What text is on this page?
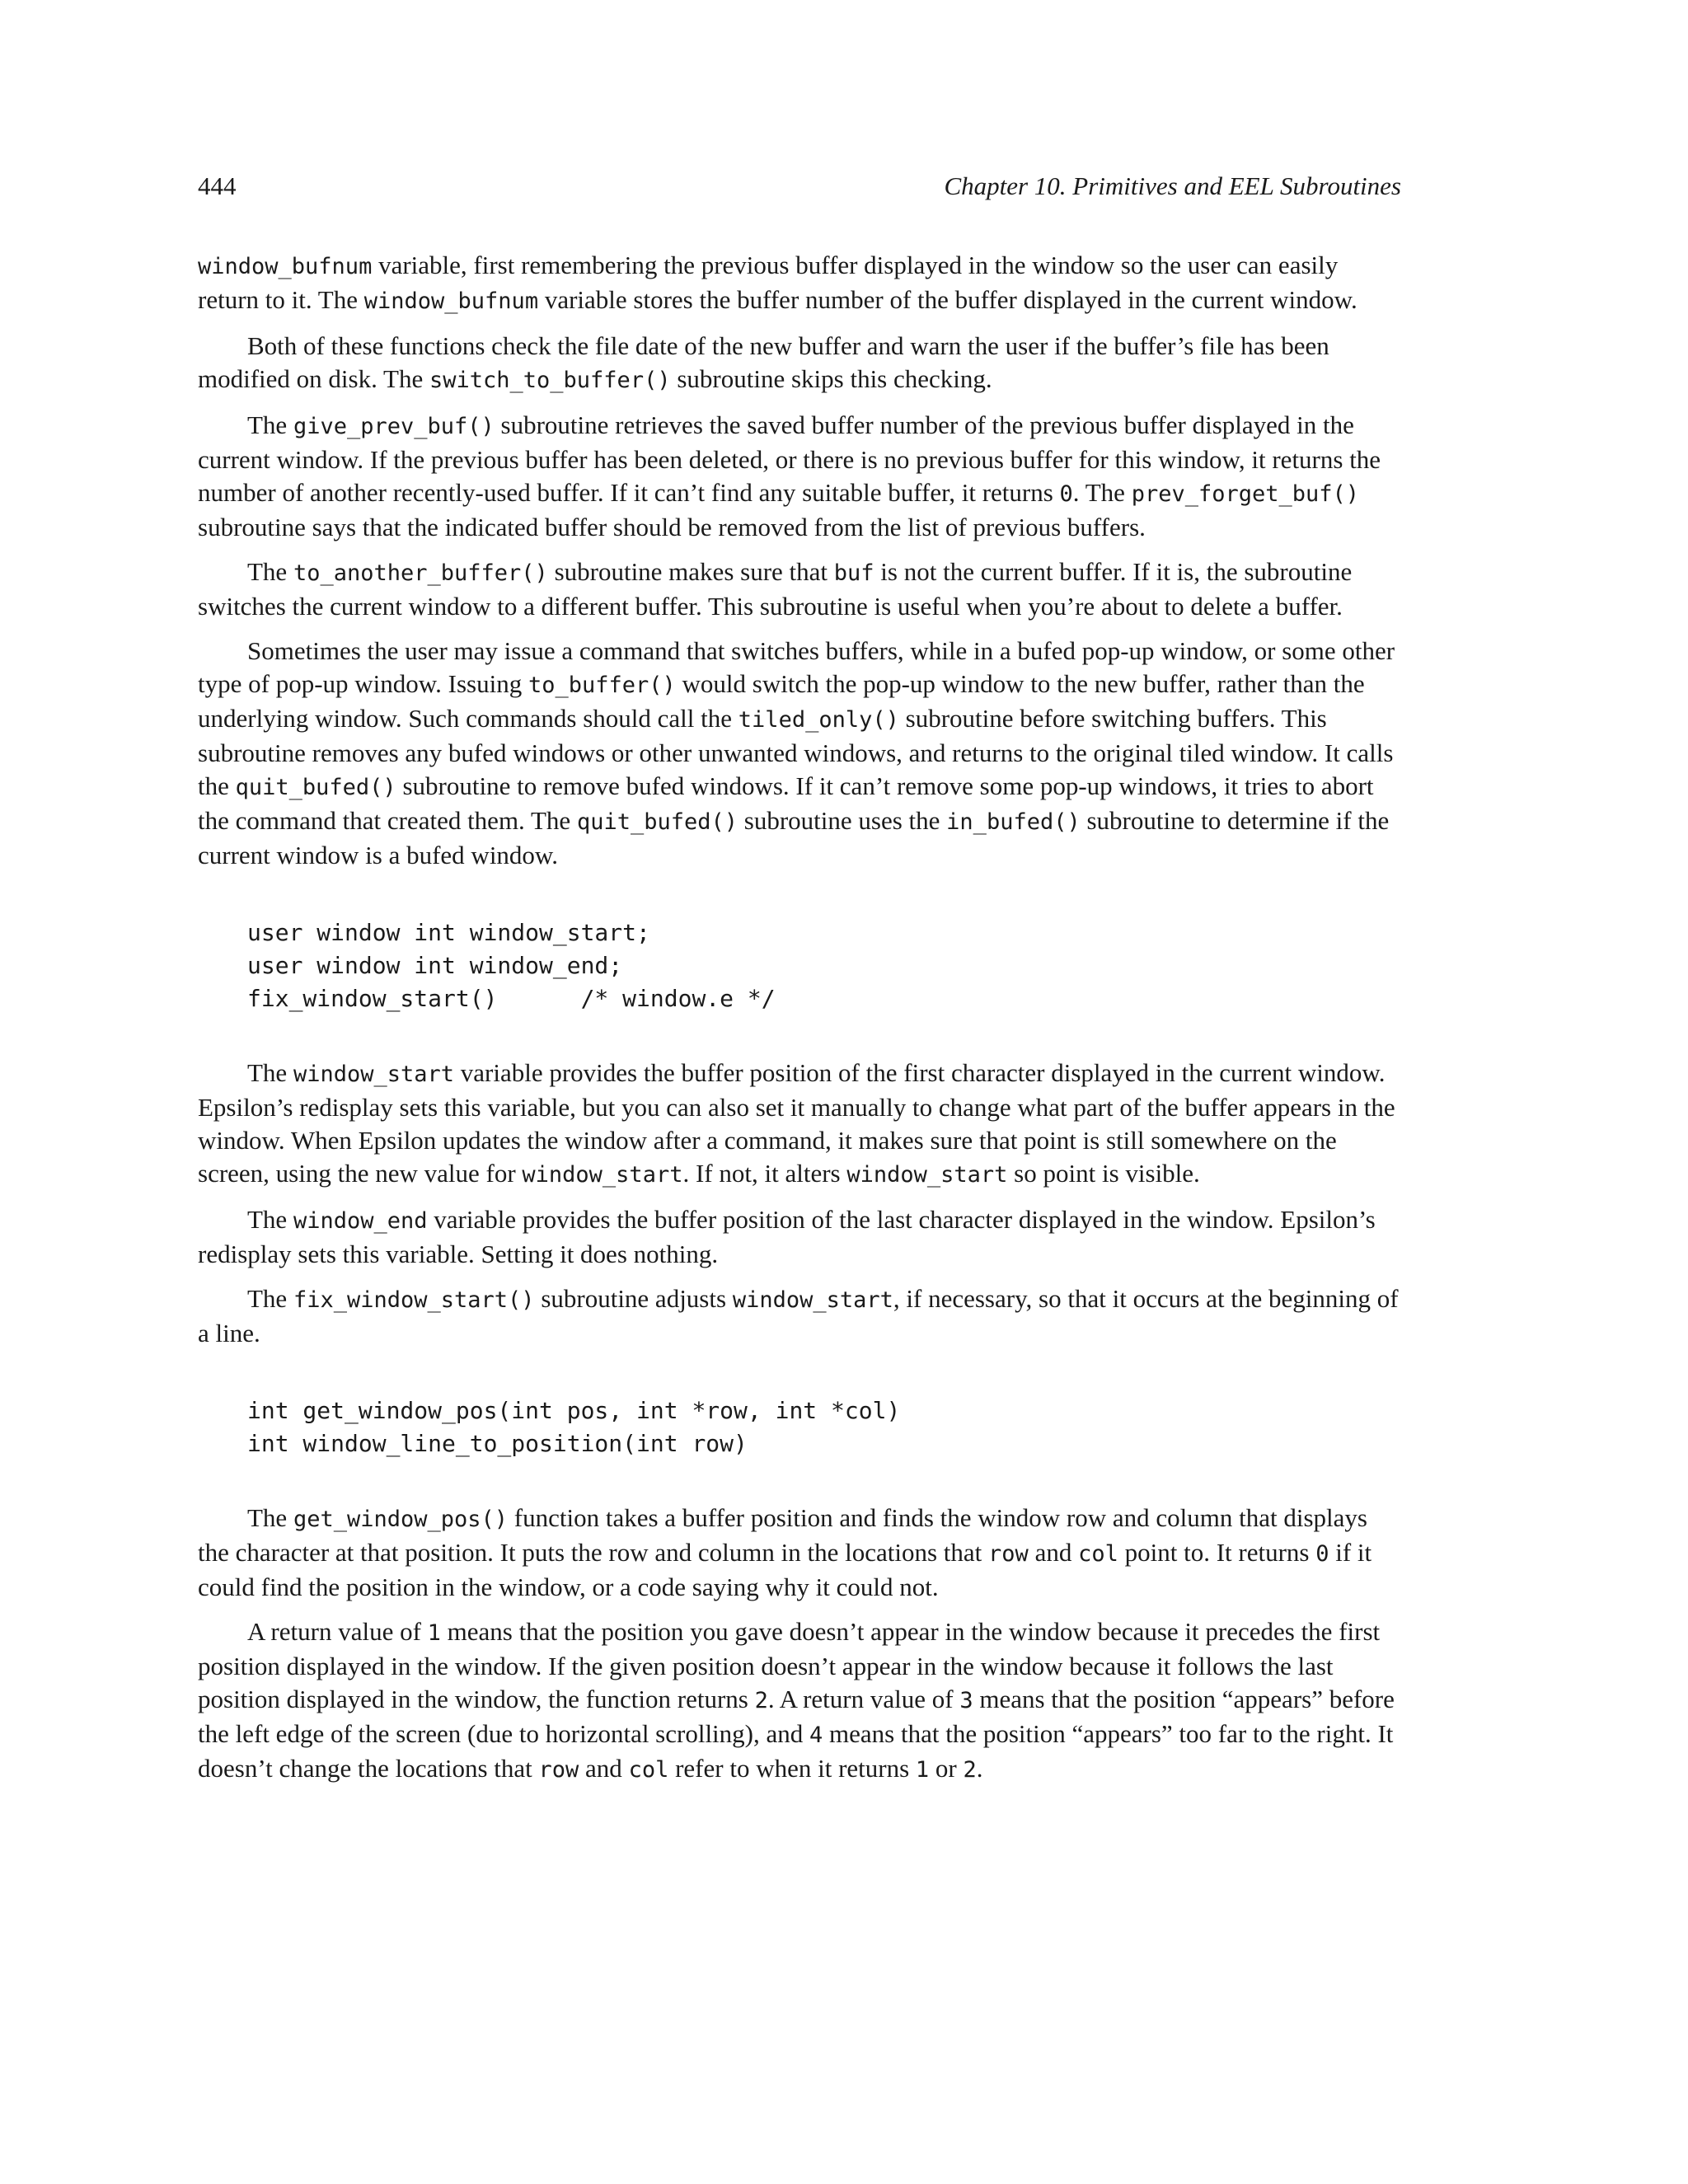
444	Chapter 10. Primitives and EEL Subroutines

window_bufnum variable, first remembering the previous buffer displayed in the window so the user can easily return to it. The window_bufnum variable stores the buffer number of the buffer displayed in the current window.

Both of these functions check the file date of the new buffer and warn the user if the buffer’s file has been modified on disk. The switch_to_buffer() subroutine skips this checking.

The give_prev_buf() subroutine retrieves the saved buffer number of the previous buffer displayed in the current window. If the previous buffer has been deleted, or there is no previous buffer for this window, it returns the number of another recently-used buffer. If it can’t find any suitable buffer, it returns 0. The prev_forget_buf() subroutine says that the indicated buffer should be removed from the list of previous buffers.

The to_another_buffer() subroutine makes sure that buf is not the current buffer. If it is, the subroutine switches the current window to a different buffer. This subroutine is useful when you’re about to delete a buffer.

Sometimes the user may issue a command that switches buffers, while in a bufed pop-up window, or some other type of pop-up window. Issuing to_buffer() would switch the pop-up window to the new buffer, rather than the underlying window. Such commands should call the tiled_only() subroutine before switching buffers. This subroutine removes any bufed windows or other unwanted windows, and returns to the original tiled window. It calls the quit_bufed() subroutine to remove bufed windows. If it can’t remove some pop-up windows, it tries to abort the command that created them. The quit_bufed() subroutine uses the in_bufed() subroutine to determine if the current window is a bufed window.

user window int window_start;
user window int window_end;
fix_window_start()      /* window.e */

The window_start variable provides the buffer position of the first character displayed in the current window. Epsilon’s redisplay sets this variable, but you can also set it manually to change what part of the buffer appears in the window. When Epsilon updates the window after a command, it makes sure that point is still somewhere on the screen, using the new value for window_start. If not, it alters window_start so point is visible.

The window_end variable provides the buffer position of the last character displayed in the window. Epsilon’s redisplay sets this variable. Setting it does nothing.

The fix_window_start() subroutine adjusts window_start, if necessary, so that it occurs at the beginning of a line.

int get_window_pos(int pos, int *row, int *col)
int window_line_to_position(int row)

The get_window_pos() function takes a buffer position and finds the window row and column that displays the character at that position. It puts the row and column in the locations that row and col point to. It returns 0 if it could find the position in the window, or a code saying why it could not.

A return value of 1 means that the position you gave doesn’t appear in the window because it precedes the first position displayed in the window. If the given position doesn’t appear in the window because it follows the last position displayed in the window, the function returns 2. A return value of 3 means that the position “appears” before the left edge of the screen (due to horizontal scrolling), and 4 means that the position “appears” too far to the right. It doesn’t change the locations that row and col refer to when it returns 1 or 2.
